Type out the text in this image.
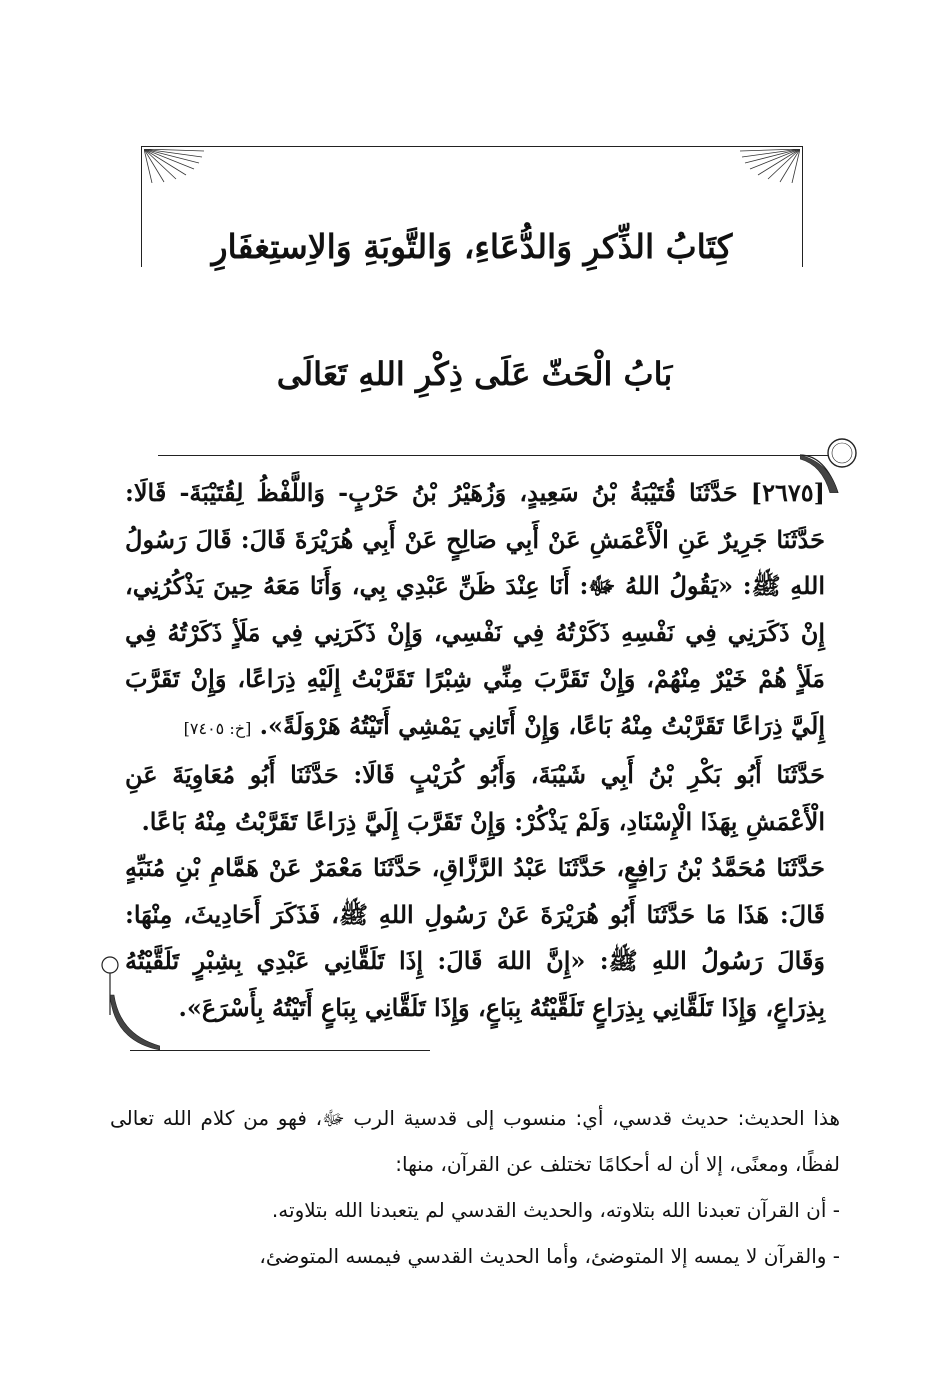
كِتَابُ الذِّكرِ وَالدُّعَاءِ، وَالتَّوبَةِ وَالاِستِغفَارِ
بَابُ الْحَثّ عَلَى ذِكْرِ اللهِ تَعَالَى

[٢٦٧٥] حَدَّثَنَا قُتَيْبَةُ بْنُ سَعِيدٍ، وَزُهَيْرُ بْنُ حَرْبٍ- وَاللَّفْظُ لِقُتَيْبَةَ- قَالَا: حَدَّثَنَا جَرِيرٌ عَنِ الْأَعْمَشِ عَنْ أَبِي صَالِحٍ عَنْ أَبِي هُرَيْرَةَ قَالَ: قَالَ رَسُولُ اللهِ ﷺ: «يَقُولُ اللهُ ﷻ: أَنَا عِنْدَ ظَنِّ عَبْدِي بِي، وَأَنَا مَعَهُ حِينَ يَذْكُرُنِي، إِنْ ذَكَرَنِي فِي نَفْسِهِ ذَكَرْتُهُ فِي نَفْسِي، وَإِنْ ذَكَرَنِي فِي مَلَأٍ ذَكَرْتُهُ فِي مَلَأٍ هُمْ خَيْرٌ مِنْهُمْ، وَإِنْ تَقَرَّبَ مِنِّي شِبْرًا تَقَرَّبْتُ إِلَيْهِ ذِرَاعًا، وَإِنْ تَقَرَّبَ إِلَيَّ ذِرَاعًا تَقَرَّبْتُ مِنْهُ بَاعًا، وَإِنْ أَتَانِي يَمْشِي أَتَيْتُهُ هَرْوَلَةً». [خ: ٧٤٠٥]

حَدَّثَنَا أَبُو بَكْرِ بْنُ أَبِي شَيْبَةَ، وَأَبُو كُرَيْبٍ قَالَا: حَدَّثَنَا أَبُو مُعَاوِيَةَ عَنِ الْأَعْمَشِ بِهَذَا الْإِسْنَادِ، وَلَمْ يَذْكُرْ: وَإِنْ تَقَرَّبَ إِلَيَّ ذِرَاعًا تَقَرَّبْتُ مِنْهُ بَاعًا.

حَدَّثَنَا مُحَمَّدُ بْنُ رَافِعٍ، حَدَّثَنَا عَبْدُ الرَّزَّاقِ، حَدَّثَنَا مَعْمَرٌ عَنْ هَمَّامِ بْنِ مُنَبِّهٍ قَالَ: هَذَا مَا حَدَّثَنَا أَبُو هُرَيْرَةَ عَنْ رَسُولِ اللهِ ﷺ، فَذَكَرَ أَحَادِيثَ، مِنْهَا: وَقَالَ رَسُولُ اللهِ ﷺ: «إِنَّ اللهَ قَالَ: إِذَا تَلَقَّانِي عَبْدِي بِشِبْرٍ تَلَقَّيْتُهُ بِذِرَاعٍ، وَإِذَا تَلَقَّانِي بِذِرَاعٍ تَلَقَّيْتُهُ بِبَاعٍ، وَإِذَا تَلَقَّانِي بِبَاعٍ أَتَيْتُهُ بِأَسْرَعَ».

هذا الحديث: حديث قدسي، أي: منسوب إلى قدسية الرب ﷻ، فهو من كلام الله تعالى لفظًا، ومعنًى، إلا أن له أحكامًا تختلف عن القرآن، منها:

- أن القرآن تعبدنا الله بتلاوته، والحديث القدسي لم يتعبدنا الله بتلاوته.

- والقرآن لا يمسه إلا المتوضئ، وأما الحديث القدسي فيمسه المتوضئ،
